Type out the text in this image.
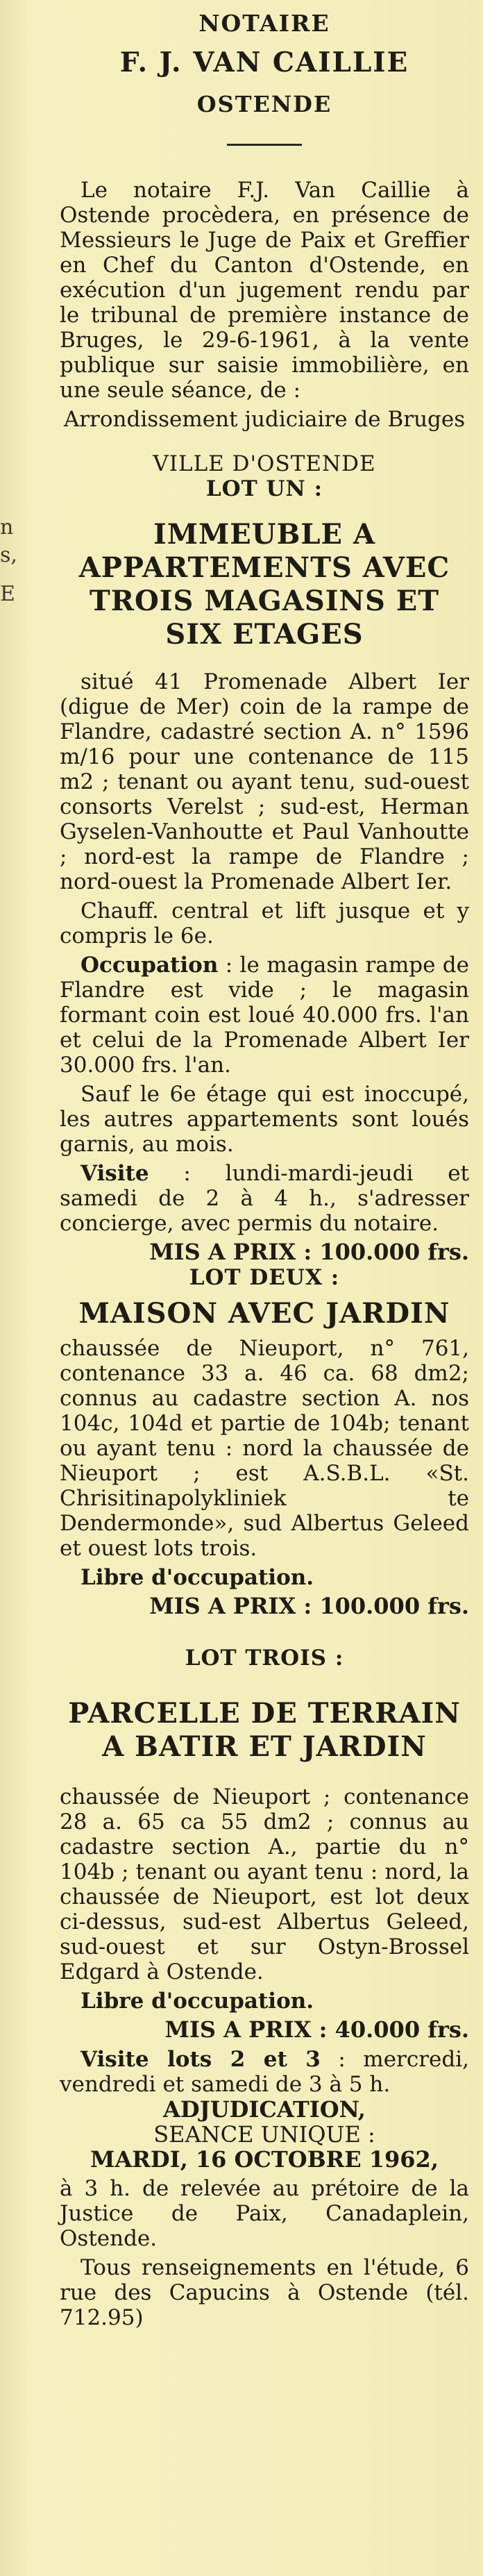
n
s,
E
NOTAIRE
F. J. VAN CAILLIE
OSTENDE

Le notaire F.J. Van Caillie à Ostende procèdera, en présence de Messieurs le Juge de Paix et Greffier en Chef du Canton d'Ostende, en exécution d'un jugement rendu par le tribunal de première instance de Bruges, le 29-6-1961, à la vente publique sur saisie immobilière, en une seule séance, de :

Arrondissement judiciaire de Bruges

VILLE D'OSTENDE

LOT UN :

IMMEUBLE A APPARTEMENTS AVEC TROIS MAGASINS ET SIX ETAGES

situé 41 Promenade Albert Ier (digue de Mer) coin de la rampe de Flandre, cadastré section A. n° 1596 m/16 pour une contenance de 115 m2 ; tenant ou ayant tenu, sud-ouest consorts Verelst ; sud-est, Herman Gyselen-Vanhoutte et Paul Vanhoutte ; nord-est la rampe de Flandre ; nord-ouest la Promenade Albert Ier.

Chauff. central et lift jusque et y compris le 6e.

Occupation : le magasin rampe de Flandre est vide ; le magasin formant coin est loué 40.000 frs. l'an et celui de la Promenade Albert Ier 30.000 frs. l'an.

Sauf le 6e étage qui est inoccupé, les autres appartements sont loués garnis, au mois.

Visite : lundi-mardi-jeudi et samedi de 2 à 4 h., s'adresser concierge, avec permis du notaire.

MIS A PRIX : 100.000 frs.

LOT DEUX :

MAISON AVEC JARDIN

chaussée de Nieuport, n° 761, contenance 33 a. 46 ca. 68 dm2; connus au cadastre section A. nos 104c, 104d et partie de 104b; tenant ou ayant tenu : nord la chaussée de Nieuport ; est A.S.B.L. «St. Chrisitinapolykliniek te Dendermonde», sud Albertus Geleed et ouest lots trois.

Libre d'occupation.

MIS A PRIX : 100.000 frs.

LOT TROIS :

PARCELLE DE TERRAIN A BATIR ET JARDIN

chaussée de Nieuport ; contenance 28 a. 65 ca 55 dm2 ; connus au cadastre section A., partie du n° 104b ; tenant ou ayant tenu : nord, la chaussée de Nieuport, est lot deux ci-dessus, sud-est Albertus Geleed, sud-ouest et sur Ostyn-Brossel Edgard à Ostende.

Libre d'occupation.

MIS A PRIX : 40.000 frs.

Visite lots 2 et 3 : mercredi, vendredi et samedi de 3 à 5 h.

ADJUDICATION,

SEANCE UNIQUE :

MARDI, 16 OCTOBRE 1962,

à 3 h. de relevée au prétoire de la Justice de Paix, Canadaplein, Ostende.

Tous renseignements en l'étude, 6 rue des Capucins à Ostende (tél. 712.95)
